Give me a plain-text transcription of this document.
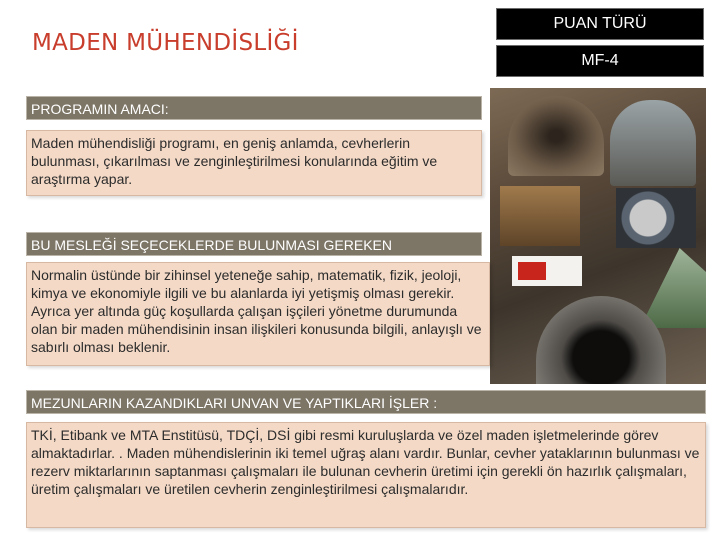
MADEN MÜHENDİSLİĞİ
PUAN TÜRÜ
MF-4
PROGRAMIN AMACI:
Maden mühendisliği programı, en geniş anlamda, cevherlerin bulunması, çıkarılması ve zenginleştirilmesi konularında eğitim ve araştırma yapar.
BU MESLEĞİ SEÇECEKLERDE BULUNMASI GEREKEN
Normalin üstünde bir zihinsel yeteneğe sahip, matematik, fizik, jeoloji, kimya ve ekonomiyle ilgili ve bu alanlarda iyi yetişmiş olması gerekir. Ayrıca yer altında güç koşullarda çalışan işçileri yönetme durumunda olan bir maden mühendisinin insan ilişkileri konusunda bilgili, anlayışlı ve sabırlı olması beklenir.
MEZUNLARIN KAZANDIKLARI UNVAN VE YAPTIKLARI İŞLER :
TKİ, Etibank ve MTA Enstitüsü, TDÇİ, DSİ gibi resmi kuruluşlarda ve özel maden işletmelerinde görev almaktadırlar. . Maden mühendislerinin iki temel uğraş alanı vardır. Bunlar, cevher yataklarının bulunması ve rezerv miktarlarının saptanması çalışmaları ile bulunan cevherin üretimi için gerekli ön hazırlık çalışmaları, üretim çalışmaları ve üretilen cevherin zenginleştirilmesi çalışmalarıdır.
